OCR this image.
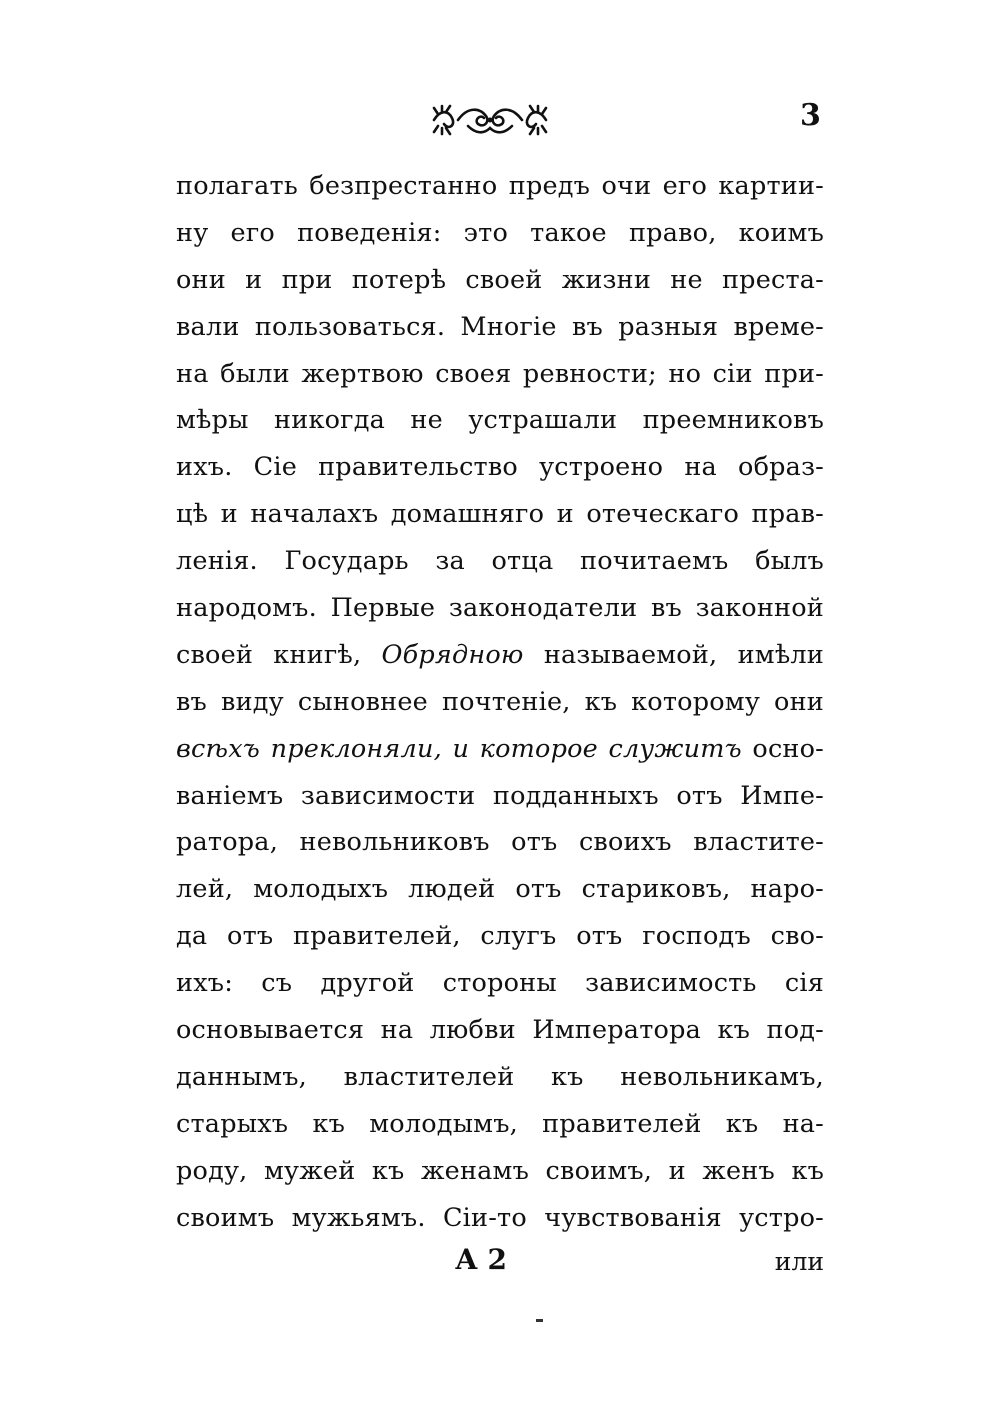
3
полагать безпрестанно предъ очи его картии-
ну его поведенія: это такое право, коимъ
они и при потерѣ своей жизни не преста-
вали пользоваться. Многіе въ разныя време-
на были жертвою своея ревности; но сіи при-
мѣры никогда не устрашали преемниковъ
ихъ. Сіе правительство устроено на образ-
цѣ и началахъ домашняго и отеческаго прав-
ленія. Государь за отца почитаемъ былъ
народомъ. Первые законодатели въ законной
своей книгѣ, Обрядною называемой, имѣли
въ виду сыновнее почтеніе, къ которому они
всѣхъ преклоняли, и которое служитъ осно-
ваніемъ зависимости подданныхъ отъ Импе-
ратора, невольниковъ отъ своихъ властите-
лей, молодыхъ людей отъ стариковъ, наро-
да отъ правителей, слугъ отъ господъ сво-
ихъ: съ другой стороны зависимость сія
основывается на любви Императора къ под-
даннымъ, властителей къ невольникамъ,
старыхъ къ молодымъ, правителей къ на-
роду, мужей къ женамъ своимъ, и женъ къ
своимъ мужьямъ. Сіи-то чувствованія устро-
А 2	или
